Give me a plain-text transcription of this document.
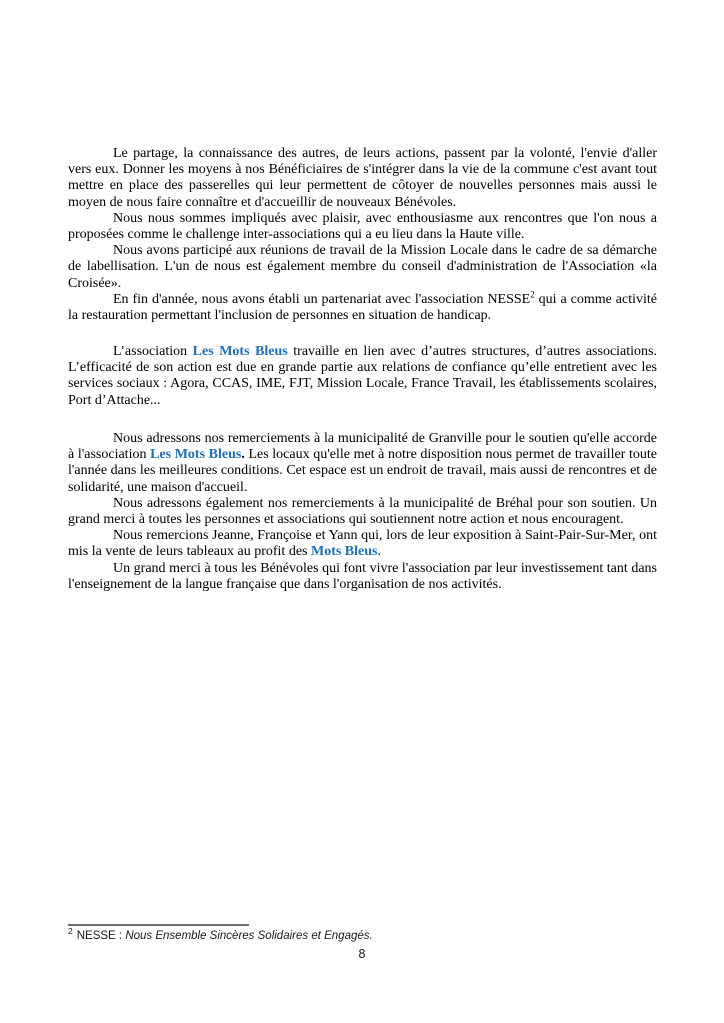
Le partage, la connaissance des autres, de leurs actions, passent par la volonté, l'envie d'aller vers eux. Donner les moyens à nos Bénéficiaires de s'intégrer dans la vie de la commune c'est avant tout mettre en place des passerelles qui leur permettent de côtoyer de nouvelles personnes mais aussi le moyen de nous faire connaître et d'accueillir de nouveaux Bénévoles.

Nous nous sommes impliqués avec plaisir, avec enthousiasme aux rencontres que l'on nous a proposées comme le challenge inter-associations qui a eu lieu dans la Haute ville.

Nous avons participé aux réunions de travail de la Mission Locale dans le cadre de sa démarche de labellisation. L'un de nous est également membre du conseil d'administration de l'Association «la Croisée».

En fin d'année, nous avons établi un partenariat avec l'association NESSE$^2$ qui a comme activité la restauration permettant l'inclusion de personnes en situation de handicap.

L’association Les Mots Bleus travaille en lien avec d’autres structures, d’autres associations. L’efficacité de son action est due en grande partie aux relations de confiance qu’elle entretient avec les services sociaux : Agora, CCAS, IME, FJT, Mission Locale, France Travail, les établissements scolaires, Port d’Attache...

Nous adressons nos remerciements à la municipalité de Granville pour le soutien qu'elle accorde à l'association Les Mots Bleus. Les locaux qu'elle met à notre disposition nous permet de travailler toute l'année dans les meilleures conditions. Cet espace est un endroit de travail, mais aussi de rencontres et de solidarité, une maison d'accueil.

Nous adressons également nos remerciements à la municipalité de Bréhal pour son soutien. Un grand merci à toutes les personnes et associations qui soutiennent notre action et nous encouragent.

Nous remercions Jeanne, Françoise et Yann qui, lors de leur exposition à Saint-Pair-Sur-Mer, ont mis la vente de leurs tableaux au profit des Mots Bleus.

Un grand merci à tous les Bénévoles qui font vivre l'association par leur investissement tant dans l'enseignement de la langue française que dans l'organisation de nos activités.

$^2$ NESSE : Nous Ensemble Sincères Solidaires et Engagés.
8
